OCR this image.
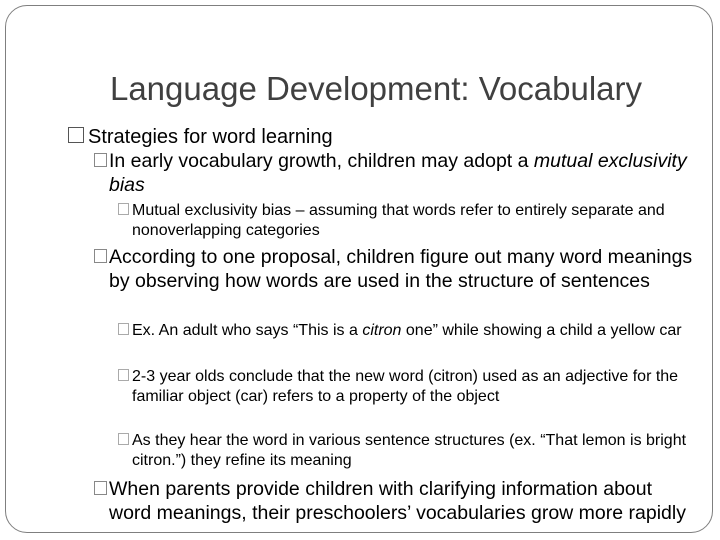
Language Development: Vocabulary
Strategies for word learning
In early vocabulary growth, children may adopt a mutual exclusivity bias
Mutual exclusivity bias – assuming that words refer to entirely separate and nonoverlapping categories
According to one proposal, children figure out many word meanings by observing how words are used in the structure of sentences
Ex. An adult who says “This is a citron one” while showing a child a yellow car
2-3 year olds conclude that the new word (citron) used as an adjective for the familiar object (car) refers to a property of the object
As they hear the word in various sentence structures (ex. “That lemon is bright citron.”) they refine its meaning
When parents provide children with clarifying information about word meanings, their preschoolers’ vocabularies grow more rapidly
